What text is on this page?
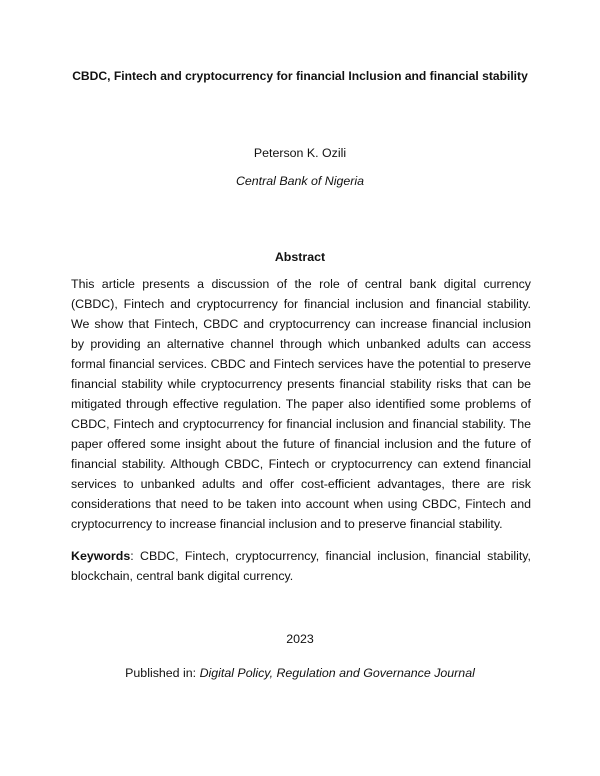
CBDC, Fintech and cryptocurrency for financial Inclusion and financial stability
Peterson K. Ozili
Central Bank of Nigeria
Abstract

This article presents a discussion of the role of central bank digital currency (CBDC), Fintech and cryptocurrency for financial inclusion and financial stability. We show that Fintech, CBDC and cryptocurrency can increase financial inclusion by providing an alternative channel through which unbanked adults can access formal financial services. CBDC and Fintech services have the potential to preserve financial stability while cryptocurrency presents financial stability risks that can be mitigated through effective regulation. The paper also identified some problems of CBDC, Fintech and cryptocurrency for financial inclusion and financial stability. The paper offered some insight about the future of financial inclusion and the future of financial stability. Although CBDC, Fintech or cryptocurrency can extend financial services to unbanked adults and offer cost-efficient advantages, there are risk considerations that need to be taken into account when using CBDC, Fintech and cryptocurrency to increase financial inclusion and to preserve financial stability.

Keywords: CBDC, Fintech, cryptocurrency, financial inclusion, financial stability, blockchain, central bank digital currency.

2023
Published in: Digital Policy, Regulation and Governance Journal
